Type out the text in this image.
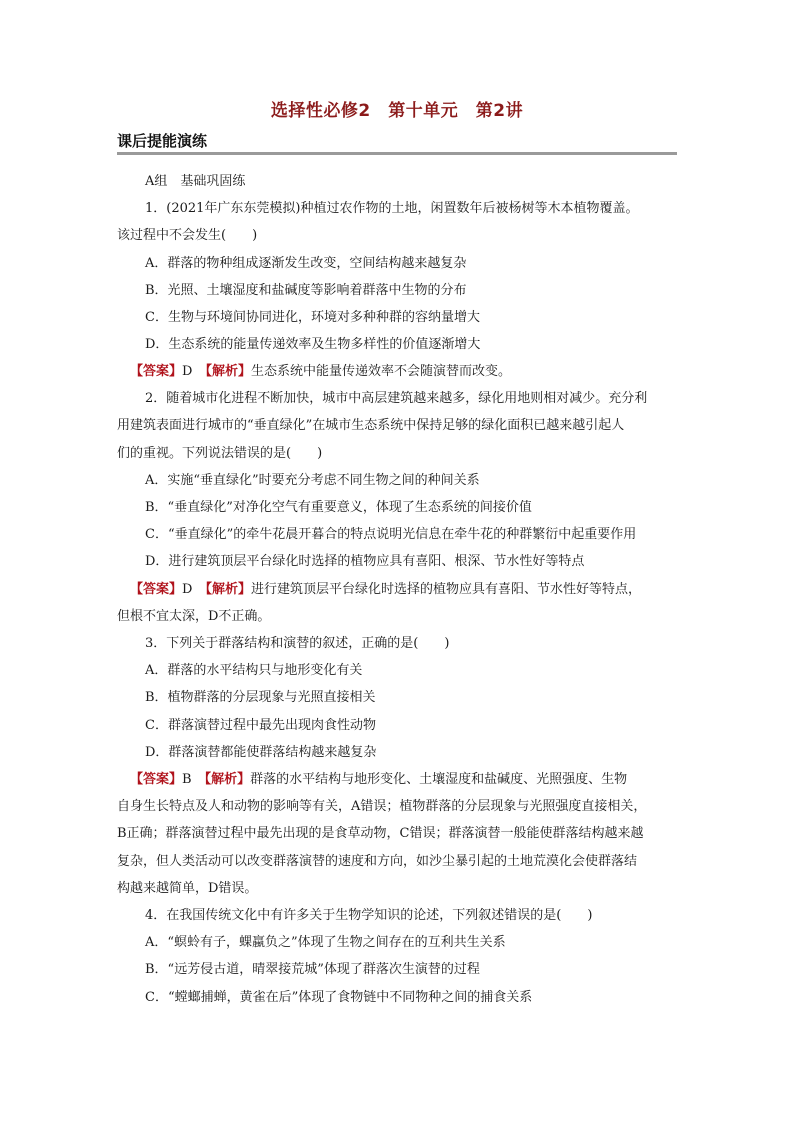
选择性必修2　第十单元　第2讲
课后提能演练
A组　基础巩固练
1．(2021年广东东莞模拟)种植过农作物的土地，闲置数年后被杨树等木本植物覆盖。
该过程中不会发生(　　)
A．群落的物种组成逐渐发生改变，空间结构越来越复杂
B．光照、土壤湿度和盐碱度等影响着群落中生物的分布
C．生物与环境间协同进化，环境对多种种群的容纳量增大
D．生态系统的能量传递效率及生物多样性的价值逐渐增大
【答案】D　 【解析】生态系统中能量传递效率不会随演替而改变。
2．随着城市化进程不断加快，城市中高层建筑越来越多，绿化用地则相对减少。充分利
用建筑表面进行城市的“垂直绿化”在城市生态系统中保持足够的绿化面积已越来越引起人
们的重视。下列说法错误的是(　　)
A．实施“垂直绿化”时要充分考虑不同生物之间的种间关系
B．“垂直绿化”对净化空气有重要意义，体现了生态系统的间接价值
C．“垂直绿化”的牵牛花晨开暮合的特点说明光信息在牵牛花的种群繁衍中起重要作用
D．进行建筑顶层平台绿化时选择的植物应具有喜阳、根深、节水性好等特点
【答案】D　 【解析】进行建筑顶层平台绿化时选择的植物应具有喜阳、节水性好等特点，
但根不宜太深，D不正确。
3．下列关于群落结构和演替的叙述，正确的是(　　)
A．群落的水平结构只与地形变化有关
B．植物群落的分层现象与光照直接相关
C．群落演替过程中最先出现肉食性动物
D．群落演替都能使群落结构越来越复杂
【答案】B　 【解析】群落的水平结构与地形变化、土壤湿度和盐碱度、光照强度、生物
自身生长特点及人和动物的影响等有关，A错误；植物群落的分层现象与光照强度直接相关，
B正确；群落演替过程中最先出现的是食草动物，C错误；群落演替一般能使群落结构越来越
复杂，但人类活动可以改变群落演替的速度和方向，如沙尘暴引起的土地荒漠化会使群落结
构越来越简单，D错误。
4．在我国传统文化中有许多关于生物学知识的论述，下列叙述错误的是(　　)
A．“螟蛉有子，蜾蠃负之”体现了生物之间存在的互利共生关系
B．“远芳侵古道，晴翠接荒城”体现了群落次生演替的过程
C．“螳螂捕蝉，黄雀在后”体现了食物链中不同物种之间的捕食关系
